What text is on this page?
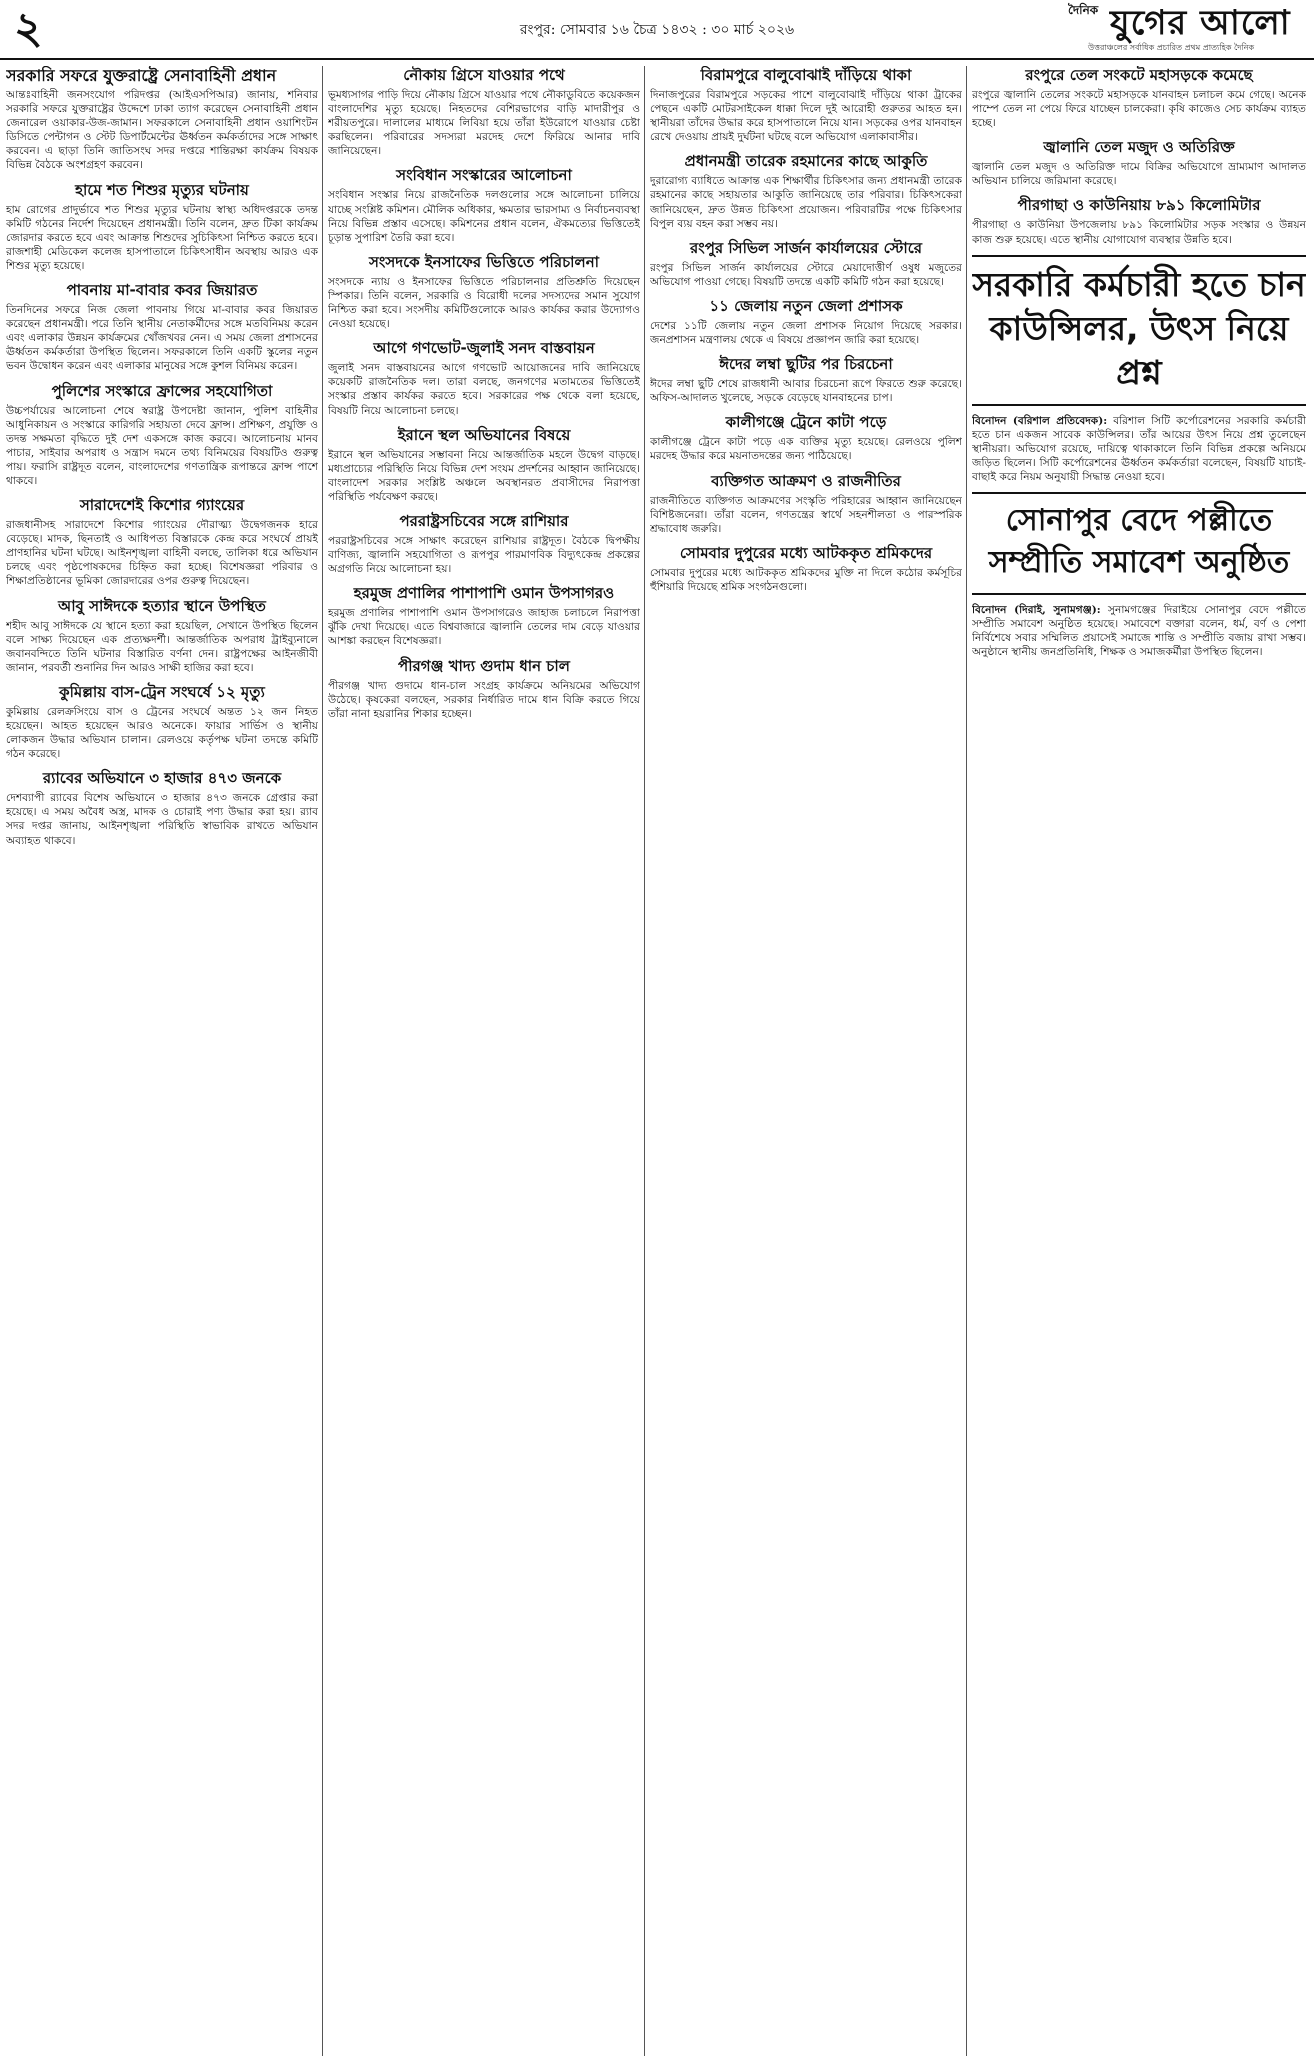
২	রংপুর: সোমবার ১৬ চৈত্র ১৪৩২ : ৩০ মার্চ ২০২৬
দৈনিক যুগের আলো
উত্তরাঞ্চলের সর্বাধিক প্রচারিত প্রথম প্রাত্যহিক দৈনিক
সরকারি সফরে যুক্তরাষ্ট্রে সেনাবাহিনী প্রধান

আন্তঃবাহিনী জনসংযোগ পরিদপ্তর (আইএসপিআর) জানায়, শনিবার সরকারি সফরে যুক্তরাষ্ট্রের উদ্দেশে ঢাকা ত্যাগ করেছেন সেনাবাহিনী প্রধান জেনারেল ওয়াকার-উজ-জামান। সফরকালে সেনাবাহিনী প্রধান ওয়াশিংটন ডিসিতে পেন্টাগন ও স্টেট ডিপার্টমেন্টের ঊর্ধ্বতন কর্মকর্তাদের সঙ্গে সাক্ষাৎ করবেন। এ ছাড়া তিনি জাতিসংঘ সদর দপ্তরে শান্তিরক্ষা কার্যক্রম বিষয়ক বিভিন্ন বৈঠকে অংশগ্রহণ করবেন।

হামে শত শিশুর মৃত্যুর ঘটনায়

হাম রোগের প্রাদুর্ভাবে শত শিশুর মৃত্যুর ঘটনায় স্বাস্থ্য অধিদপ্তরকে তদন্ত কমিটি গঠনের নির্দেশ দিয়েছেন প্রধানমন্ত্রী। তিনি বলেন, দ্রুত টিকা কার্যক্রম জোরদার করতে হবে এবং আক্রান্ত শিশুদের সুচিকিৎসা নিশ্চিত করতে হবে। রাজশাহী মেডিকেল কলেজ হাসপাতালে চিকিৎসাধীন অবস্থায় আরও এক শিশুর মৃত্যু হয়েছে।

পাবনায় মা-বাবার কবর জিয়ারত

তিনদিনের সফরে নিজ জেলা পাবনায় গিয়ে মা-বাবার কবর জিয়ারত করেছেন প্রধানমন্ত্রী। পরে তিনি স্থানীয় নেতাকর্মীদের সঙ্গে মতবিনিময় করেন এবং এলাকার উন্নয়ন কার্যক্রমের খোঁজখবর নেন। এ সময় জেলা প্রশাসনের ঊর্ধ্বতন কর্মকর্তারা উপস্থিত ছিলেন। সফরকালে তিনি একটি স্কুলের নতুন ভবন উদ্বোধন করেন এবং এলাকার মানুষের সঙ্গে কুশল বিনিময় করেন।

পুলিশের সংস্কারে ফ্রান্সের সহযোগিতা

উচ্চপর্যায়ের আলোচনা শেষে স্বরাষ্ট্র উপদেষ্টা জানান, পুলিশ বাহিনীর আধুনিকায়ন ও সংস্কারে কারিগরি সহায়তা দেবে ফ্রান্স। প্রশিক্ষণ, প্রযুক্তি ও তদন্ত সক্ষমতা বৃদ্ধিতে দুই দেশ একসঙ্গে কাজ করবে। আলোচনায় মানব পাচার, সাইবার অপরাধ ও সন্ত্রাস দমনে তথ্য বিনিময়ের বিষয়টিও গুরুত্ব পায়। ফরাসি রাষ্ট্রদূত বলেন, বাংলাদেশের গণতান্ত্রিক রূপান্তরে ফ্রান্স পাশে থাকবে।

সারাদেশেই কিশোর গ্যাংয়ের

রাজধানীসহ সারাদেশে কিশোর গ্যাংয়ের দৌরাত্ম্য উদ্বেগজনক হারে বেড়েছে। মাদক, ছিনতাই ও আধিপত্য বিস্তারকে কেন্দ্র করে সংঘর্ষে প্রায়ই প্রাণহানির ঘটনা ঘটছে। আইনশৃঙ্খলা বাহিনী বলছে, তালিকা ধরে অভিযান চলছে এবং পৃষ্ঠপোষকদের চিহ্নিত করা হচ্ছে। বিশেষজ্ঞরা পরিবার ও শিক্ষাপ্রতিষ্ঠানের ভূমিকা জোরদারের ওপর গুরুত্ব দিয়েছেন।

আবু সাঈদকে হত্যার স্থানে উপস্থিত

শহীদ আবু সাঈদকে যে স্থানে হত্যা করা হয়েছিল, সেখানে উপস্থিত ছিলেন বলে সাক্ষ্য দিয়েছেন এক প্রত্যক্ষদর্শী। আন্তর্জাতিক অপরাধ ট্রাইব্যুনালে জবানবন্দিতে তিনি ঘটনার বিস্তারিত বর্ণনা দেন। রাষ্ট্রপক্ষের আইনজীবী জানান, পরবর্তী শুনানির দিন আরও সাক্ষী হাজির করা হবে।

কুমিল্লায় বাস-ট্রেন সংঘর্ষে ১২ মৃত্যু

কুমিল্লায় রেলক্রসিংয়ে বাস ও ট্রেনের সংঘর্ষে অন্তত ১২ জন নিহত হয়েছেন। আহত হয়েছেন আরও অনেকে। ফায়ার সার্ভিস ও স্থানীয় লোকজন উদ্ধার অভিযান চালান। রেলওয়ে কর্তৃপক্ষ ঘটনা তদন্তে কমিটি গঠন করেছে।

র‍্যাবের অভিযানে ৩ হাজার ৪৭৩ জনকে

দেশব্যাপী র‍্যাবের বিশেষ অভিযানে ৩ হাজার ৪৭৩ জনকে গ্রেপ্তার করা হয়েছে। এ সময় অবৈধ অস্ত্র, মাদক ও চোরাই পণ্য উদ্ধার করা হয়। র‍্যাব সদর দপ্তর জানায়, আইনশৃঙ্খলা পরিস্থিতি স্বাভাবিক রাখতে অভিযান অব্যাহত থাকবে।

নৌকায় গ্রিসে যাওয়ার পথে

ভূমধ্যসাগর পাড়ি দিয়ে নৌকায় গ্রিসে যাওয়ার পথে নৌকাডুবিতে কয়েকজন বাংলাদেশির মৃত্যু হয়েছে। নিহতদের বেশিরভাগের বাড়ি মাদারীপুর ও শরীয়তপুরে। দালালের মাধ্যমে লিবিয়া হয়ে তাঁরা ইউরোপে যাওয়ার চেষ্টা করছিলেন। পরিবারের সদস্যরা মরদেহ দেশে ফিরিয়ে আনার দাবি জানিয়েছেন।

সংবিধান সংস্কারের আলোচনা

সংবিধান সংস্কার নিয়ে রাজনৈতিক দলগুলোর সঙ্গে আলোচনা চালিয়ে যাচ্ছে সংশ্লিষ্ট কমিশন। মৌলিক অধিকার, ক্ষমতার ভারসাম্য ও নির্বাচনব্যবস্থা নিয়ে বিভিন্ন প্রস্তাব এসেছে। কমিশনের প্রধান বলেন, ঐকমত্যের ভিত্তিতেই চূড়ান্ত সুপারিশ তৈরি করা হবে।

সংসদকে ইনসাফের ভিত্তিতে পরিচালনা

সংসদকে ন্যায় ও ইনসাফের ভিত্তিতে পরিচালনার প্রতিশ্রুতি দিয়েছেন স্পিকার। তিনি বলেন, সরকারি ও বিরোধী দলের সদস্যদের সমান সুযোগ নিশ্চিত করা হবে। সংসদীয় কমিটিগুলোকে আরও কার্যকর করার উদ্যোগও নেওয়া হয়েছে।

আগে গণভোট-জুলাই সনদ বাস্তবায়ন

জুলাই সনদ বাস্তবায়নের আগে গণভোট আয়োজনের দাবি জানিয়েছে কয়েকটি রাজনৈতিক দল। তারা বলছে, জনগণের মতামতের ভিত্তিতেই সংস্কার প্রস্তাব কার্যকর করতে হবে। সরকারের পক্ষ থেকে বলা হয়েছে, বিষয়টি নিয়ে আলোচনা চলছে।

ইরানে স্থল অভিযানের বিষয়ে

ইরানে স্থল অভিযানের সম্ভাবনা নিয়ে আন্তর্জাতিক মহলে উদ্বেগ বাড়ছে। মধ্যপ্রাচ্যের পরিস্থিতি নিয়ে বিভিন্ন দেশ সংযম প্রদর্শনের আহ্বান জানিয়েছে। বাংলাদেশ সরকার সংশ্লিষ্ট অঞ্চলে অবস্থানরত প্রবাসীদের নিরাপত্তা পরিস্থিতি পর্যবেক্ষণ করছে।

পররাষ্ট্রসচিবের সঙ্গে রাশিয়ার

পররাষ্ট্রসচিবের সঙ্গে সাক্ষাৎ করেছেন রাশিয়ার রাষ্ট্রদূত। বৈঠকে দ্বিপক্ষীয় বাণিজ্য, জ্বালানি সহযোগিতা ও রূপপুর পারমাণবিক বিদ্যুৎকেন্দ্র প্রকল্পের অগ্রগতি নিয়ে আলোচনা হয়।

হরমুজ প্রণালির পাশাপাশি ওমান উপসাগরও

হরমুজ প্রণালির পাশাপাশি ওমান উপসাগরেও জাহাজ চলাচলে নিরাপত্তা ঝুঁকি দেখা দিয়েছে। এতে বিশ্ববাজারে জ্বালানি তেলের দাম বেড়ে যাওয়ার আশঙ্কা করছেন বিশেষজ্ঞরা।

পীরগঞ্জ খাদ্য গুদাম ধান চাল

পীরগঞ্জ খাদ্য গুদামে ধান-চাল সংগ্রহ কার্যক্রমে অনিয়মের অভিযোগ উঠেছে। কৃষকেরা বলছেন, সরকার নির্ধারিত দামে ধান বিক্রি করতে গিয়ে তাঁরা নানা হয়রানির শিকার হচ্ছেন।

বিরামপুরে বালুবোঝাই দাঁড়িয়ে থাকা

দিনাজপুরের বিরামপুরে সড়কের পাশে বালুবোঝাই দাঁড়িয়ে থাকা ট্রাকের পেছনে একটি মোটরসাইকেল ধাক্কা দিলে দুই আরোহী গুরুতর আহত হন। স্থানীয়রা তাঁদের উদ্ধার করে হাসপাতালে নিয়ে যান। সড়কের ওপর যানবাহন রেখে দেওয়ায় প্রায়ই দুর্ঘটনা ঘটছে বলে অভিযোগ এলাকাবাসীর।

প্রধানমন্ত্রী তারেক রহমানের কাছে আকুতি

দুরারোগ্য ব্যাধিতে আক্রান্ত এক শিক্ষার্থীর চিকিৎসার জন্য প্রধানমন্ত্রী তারেক রহমানের কাছে সহায়তার আকুতি জানিয়েছে তার পরিবার। চিকিৎসকেরা জানিয়েছেন, দ্রুত উন্নত চিকিৎসা প্রয়োজন। পরিবারটির পক্ষে চিকিৎসার বিপুল ব্যয় বহন করা সম্ভব নয়।

রংপুর সিভিল সার্জন কার্যালয়ের স্টোরে

রংপুর সিভিল সার্জন কার্যালয়ের স্টোরে মেয়াদোত্তীর্ণ ওষুধ মজুতের অভিযোগ পাওয়া গেছে। বিষয়টি তদন্তে একটি কমিটি গঠন করা হয়েছে।

১১ জেলায় নতুন জেলা প্রশাসক

দেশের ১১টি জেলায় নতুন জেলা প্রশাসক নিয়োগ দিয়েছে সরকার। জনপ্রশাসন মন্ত্রণালয় থেকে এ বিষয়ে প্রজ্ঞাপন জারি করা হয়েছে।

ঈদের লম্বা ছুটির পর চিরচেনা

ঈদের লম্বা ছুটি শেষে রাজধানী আবার চিরচেনা রূপে ফিরতে শুরু করেছে। অফিস-আদালত খুলেছে, সড়কে বেড়েছে যানবাহনের চাপ।

কালীগঞ্জে ট্রেনে কাটা পড়ে

কালীগঞ্জে ট্রেনে কাটা পড়ে এক ব্যক্তির মৃত্যু হয়েছে। রেলওয়ে পুলিশ মরদেহ উদ্ধার করে ময়নাতদন্তের জন্য পাঠিয়েছে।

ব্যক্তিগত আক্রমণ ও রাজনীতির

রাজনীতিতে ব্যক্তিগত আক্রমণের সংস্কৃতি পরিহারের আহ্বান জানিয়েছেন বিশিষ্টজনেরা। তাঁরা বলেন, গণতন্ত্রের স্বার্থে সহনশীলতা ও পারস্পরিক শ্রদ্ধাবোধ জরুরি।

সোমবার দুপুরের মধ্যে আটককৃত শ্রমিকদের

সোমবার দুপুরের মধ্যে আটককৃত শ্রমিকদের মুক্তি না দিলে কঠোর কর্মসূচির হুঁশিয়ারি দিয়েছে শ্রমিক সংগঠনগুলো।

রংপুরে তেল সংকটে মহাসড়কে কমেছে

রংপুরে জ্বালানি তেলের সংকটে মহাসড়কে যানবাহন চলাচল কমে গেছে। অনেক পাম্পে তেল না পেয়ে ফিরে যাচ্ছেন চালকেরা। কৃষি কাজেও সেচ কার্যক্রম ব্যাহত হচ্ছে।

জ্বালানি তেল মজুদ ও অতিরিক্ত

জ্বালানি তেল মজুদ ও অতিরিক্ত দামে বিক্রির অভিযোগে ভ্রাম্যমাণ আদালত অভিযান চালিয়ে জরিমানা করেছে।

পীরগাছা ও কাউনিয়ায় ৮৯১ কিলোমিটার

পীরগাছা ও কাউনিয়া উপজেলায় ৮৯১ কিলোমিটার সড়ক সংস্কার ও উন্নয়ন কাজ শুরু হয়েছে। এতে স্থানীয় যোগাযোগ ব্যবস্থার উন্নতি হবে।

সরকারি কর্মচারী হতে চান কাউন্সিলর, উৎস নিয়ে প্রশ্ন

বিনোদন (বরিশাল প্রতিবেদক): বরিশাল সিটি কর্পোরেশনের সরকারি কর্মচারী হতে চান একজন সাবেক কাউন্সিলর। তাঁর আয়ের উৎস নিয়ে প্রশ্ন তুলেছেন স্থানীয়রা। অভিযোগ রয়েছে, দায়িত্বে থাকাকালে তিনি বিভিন্ন প্রকল্পে অনিয়মে জড়িত ছিলেন। সিটি কর্পোরেশনের ঊর্ধ্বতন কর্মকর্তারা বলেছেন, বিষয়টি যাচাই-বাছাই করে নিয়ম অনুযায়ী সিদ্ধান্ত নেওয়া হবে।

সোনাপুর বেদে পল্লীতে সম্প্রীতি সমাবেশ অনুষ্ঠিত

বিনোদন (দিরাই, সুনামগঞ্জ): সুনামগঞ্জের দিরাইয়ে সোনাপুর বেদে পল্লীতে সম্প্রীতি সমাবেশ অনুষ্ঠিত হয়েছে। সমাবেশে বক্তারা বলেন, ধর্ম, বর্ণ ও পেশা নির্বিশেষে সবার সম্মিলিত প্রয়াসেই সমাজে শান্তি ও সম্প্রীতি বজায় রাখা সম্ভব। অনুষ্ঠানে স্থানীয় জনপ্রতিনিধি, শিক্ষক ও সমাজকর্মীরা উপস্থিত ছিলেন।
